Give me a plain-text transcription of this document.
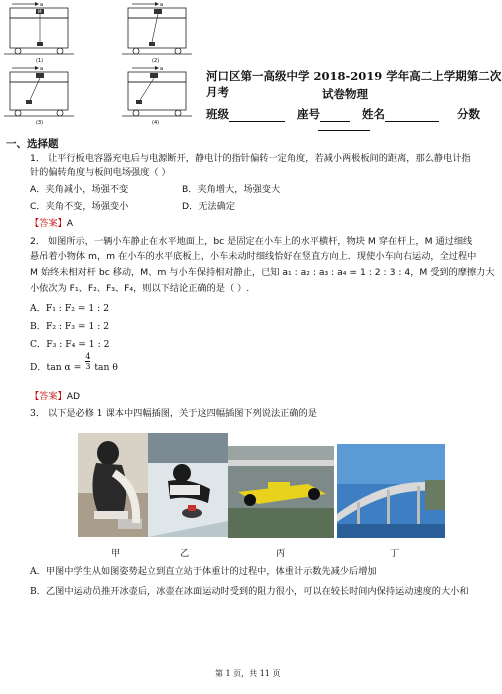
a
M
(1)
a
(2)
a
(3)
a
(4)
河口区第一高级中学 2018-2019 学年高二上学期第二次月考	试卷物理
班级	座号	姓名	分数
一、选择题
1． 让平行板电容器充电后与电源断开，静电计的指针偏转一定角度，若减小两极板间的距离，那么静电计指
针的偏转角度与板间电场强度（ ）
A．夹角减小，场强不变	B．夹角增大，场强变大
C．夹角不变，场强变小	D．无法确定
【答案】A
2． 如图所示，一辆小车静止在水平地面上，bc 是固定在小车上的水平横杆，物块 M 穿在杆上，M 通过细线
悬吊着小物体 m，m 在小车的水平底板上，小车未动时细线恰好在竖直方向上．现使小车向右运动，全过程中
M 始终未相对杆 bc 移动，M、m 与小车保持相对静止，已知 a₁ : a₂ : a₃ : a₄ = 1 : 2 : 3 : 4，M 受到的摩擦力大
小依次为 F₁、F₂、F₃、F₄，则以下结论正确的是（ ）.
A．F₁ : F₂ = 1 : 2
B．F₂ : F₃ = 1 : 2
C．F₃ : F₄ = 1 : 2
D．$\tan \alpha = \frac{4}{3}$ tan θ
【答案】AD
3． 以下是必修 1 课本中四幅插图，关于这四幅插图下列说法正确的是
甲	乙	丙	丁
A．甲图中学生从如图姿势起立到直立站于体重计的过程中，体重计示数先减少后增加
B．乙图中运动员推开冰壶后，冰壶在冰面运动时受到的阻力很小，可以在较长时间内保持运动速度的大小和
第 1 页，共 11 页
